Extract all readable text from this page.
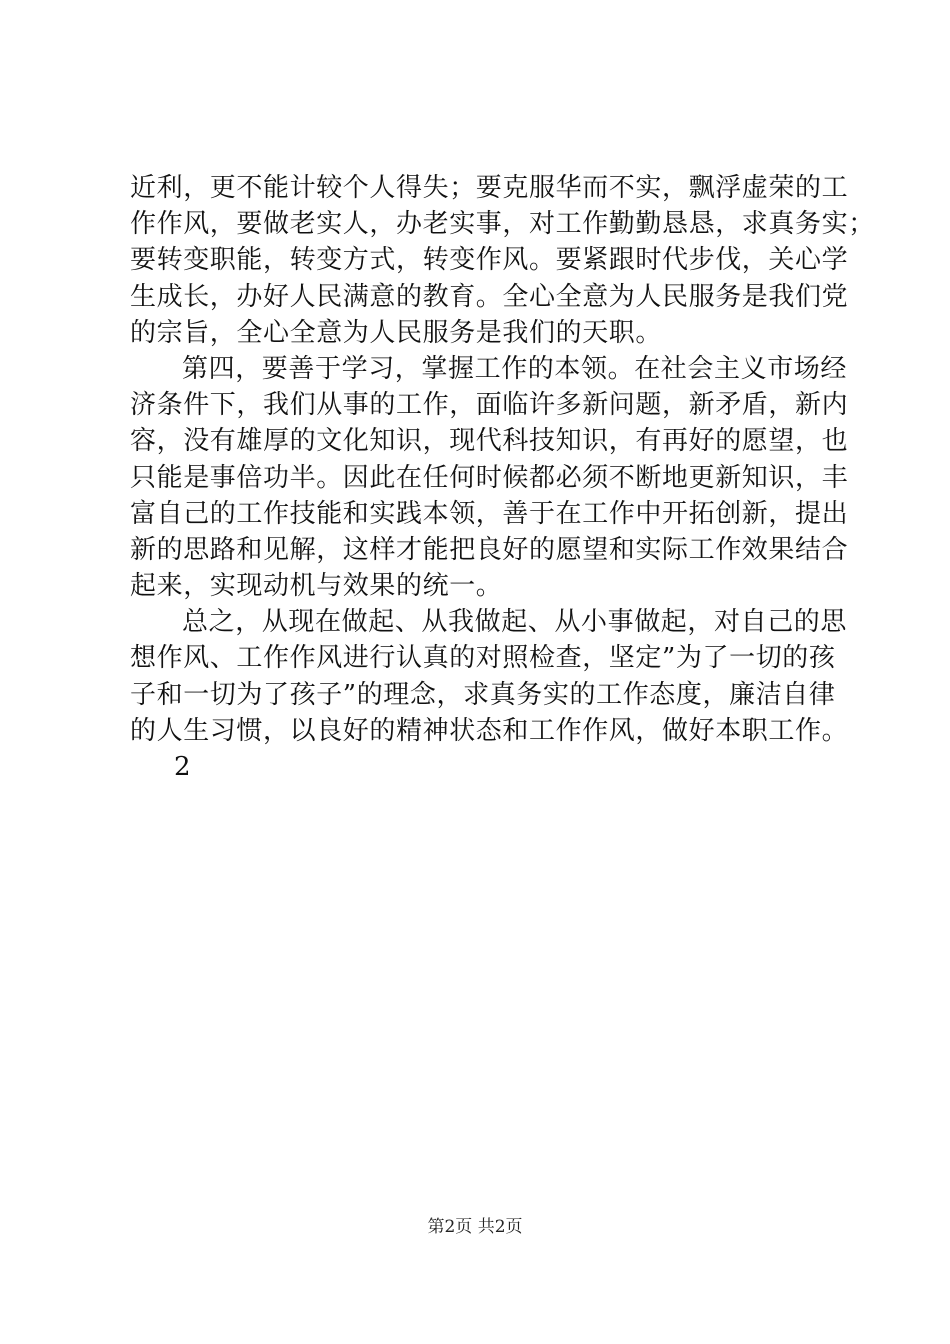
近利，更不能计较个人得失；要克服华而不实，飘浮虚荣的工
作作风，要做老实人，办老实事，对工作勤勤恳恳，求真务实；
要转变职能，转变方式，转变作风。要紧跟时代步伐，关心学
生成长，办好人民满意的教育。全心全意为人民服务是我们党
的宗旨，全心全意为人民服务是我们的天职。
第四，要善于学习，掌握工作的本领。在社会主义市场经
济条件下，我们从事的工作，面临许多新问题，新矛盾，新内
容，没有雄厚的文化知识，现代科技知识，有再好的愿望，也
只能是事倍功半。因此在任何时候都必须不断地更新知识，丰
富自己的工作技能和实践本领，善于在工作中开拓创新，提出
新的思路和见解，这样才能把良好的愿望和实际工作效果结合
起来，实现动机与效果的统一。
总之，从现在做起、从我做起、从小事做起，对自己的思
想作风、工作作风进行认真的对照检查，坚定”为了一切的孩
子和一切为了孩子”的理念，求真务实的工作态度，廉洁自律
的人生习惯，以良好的精神状态和工作作风，做好本职工作。
2
第2页 共2页
